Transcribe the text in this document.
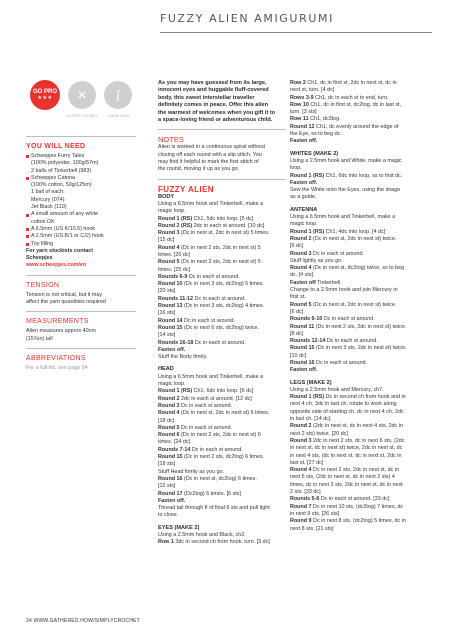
FUZZY ALIEN AMIGURUMI
GO PRO
★★★ ✕ ∫
SUPER CHUNKY	2.5MM 6MM
YOU WILL NEED
Scheepjes Furry Tales
(100% polyester, 100g/57m)
2 balls of Tinkerbell (983)
Scheepjes Catona
(100% cotton, 50g/125m)
1 ball of each:
Mercury (074)
Jet Black (110)
A small amount of any white
cotton DK
A 6.5mm (US K/10.5) hook
A 2.5mm (US B/1 or C/2) hook
Toy filling
For yarn stockists contact
Scheepjes
www.scheepjes.com/en
TENSION
Tension is not critical, but it may
affect the yarn quantities required
MEASUREMENTS
Alien measures approx 40cm
(15¾in) tall
ABBREVIATIONS
For a full list, see page 84
As you may have guessed from its large,
innocent eyes and huggable fluff-covered
body, this sweet interstellar traveller
definitely comes in peace. Offer this alien
the warmest of welcomes when you gift it to
a space-loving friend or adventurous child.
NOTES
Alien is worked in a continuous spiral without
closing off each round with a slip stitch. You
may find it helpful to mark the first stitch of
the round, moving it up as you go.
FUZZY ALIEN
BODY
Using a 6.5mm hook and Tinkerbell, make a
magic loop.
Round 1 (RS) Ch1, 5dc into loop. [5 dc]
Round 2 (RS) 2dc in each st around. [10 dc]
Round 3 (Dc in next st, 2dc in next st) 5 times.
[15 dc]
Round 4 (Dc in next 2 sts, 2dc in next st) 5
times. [20 dc]
Round 5 (Dc in next 3 sts, 2dc in next st) 5
times. [25 dc]
Rounds 6-9 Dc in each st around.
Round 10 (Dc in next 3 sts, dc2tog) 5 times.
[20 sts]
Rounds 11-12 Dc in each st around.
Round 13 (Dc in next 3 sts, dc2tog) 4 times.
[16 sts]
Round 14 Dc in each st around.
Round 15 (Dc in next 6 sts, dc2tog) twice.
[14 sts]
Rounds 16-18 Dc in each st around.
Fasten off.
Stuff the Body firmly.
HEAD
Using a 6.5mm hook and Tinkerbell, make a
magic loop.
Round 1 (RS) Ch1, 6dc into loop. [6 dc]
Round 2 2dc in each st around. [12 dc]
Round 3 Dc in each st around.
Round 4 (Dc in next st, 2dc in next st) 6 times.
[18 dc]
Round 5 Dc in each st around.
Round 6 (Dc in next 2 sts, 2dc in next st) 6
times. [24 dc]
Rounds 7-14 Dc in each st around.
Round 15 (Dc in next 2 sts, dc2tog) 6 times.
[18 sts]
Stuff Head firmly as you go.
Round 16 (Dc in next st, dc2tog) 6 times.
[12 sts]
Round 17 (Dc2tog) 6 times. [6 sts]
Fasten off.
Thread tail through fl of final 6 sts and pull tight
to close.
EYES (MAKE 2)
Using a 2.5mm hook and Black, ch2.
Row 1 3dc in second ch from hook, turn. [3 dc]
Row 2 Ch1, dc in first st, 2dc in next st, dc in
next st, turn. [4 dc]
Rows 3-9 Ch1, dc in each st to end, turn.
Row 10 Ch1, dc in first st, dc2tog, dc in last st,
turn. [3 sts]
Row 11 Ch1, dc3tog.
Round 12 Ch1, dc evenly around the edge of
the Eye, ss to beg dc.
Fasten off.
WHITES (MAKE 2)
Using a 2.5mm hook and White, make a magic
loop.
Round 1 (RS) Ch1, 6dc into loop, ss to first dc.
Fasten off.
Sew the White onto the Eyes, using the image
as a guide.
ANTENNA
Using a 6.5mm hook and Tinkerbell, make a
magic loop.
Round 1 (RS) Ch1, 4dc into loop. [4 dc]
Round 2 (Dc in next st, 2dc in next st) twice.
[6 dc]
Round 3 Dc in each st around.
Stuff lightly as you go.
Round 4 (Dc in next st, dc2tog) twice, ss to beg
dc. [4 sts]
Fasten off Tinkerbell.
Change to a 2.5mm hook and join Mercury in
first st.
Round 5 (Dc in next st, 2dc in next st) twice.
[6 dc]
Rounds 6-10 Dc in each st around.
Round 11 (Dc in next 2 sts, 2dc in next st) twice.
[8 dc]
Rounds 12-14 Dc in each st around.
Round 15 (Dc in next 3 sts, 2dc in next st) twice.
[10 dc]
Round 16 Dc in each st around.
Fasten off.
LEGS (MAKE 2)
Using a 2.5mm hook and Mercury, ch7.
Round 1 (RS) Dc in second ch from hook and in
next 4 ch, 3dc in last ch, rotate to work along
opposite side of starting ch, dc in next 4 ch, 2dc
in last ch. [14 dc]
Round 2 (2dc in next st, dc in next 4 sts, 2dc in
next 2 sts) twice. [20 dc]
Round 3 2dc in next 2 sts, dc in next 6 sts, (2dc
in next st, dc in next st) twice, 2dc in next st, dc
in next 4 sts, (dc in next st, dc in next st, 2dc in
last st. [27 dc]
Round 4 Dc in next 2 sts, 2dc in next st, dc in
next 6 sts, (2dc in next st, dc in next 2 sts) 4
times, dc in next 3 sts, 2dc in next st, dc in next
2 sts. [33 dc]
Rounds 5-6 Dc in each st around. [33 dc]
Round 7 Dc in next 10 sts, (dc2tog) 7 times, dc
in next 9 sts. [26 sts]
Round 9 Dc in next 8 sts, (dc2tog) 5 times, dc in
next 8 sts. [21 sts]
34 WWW.GATHERED.HOW/SIMPLYCROCHET
